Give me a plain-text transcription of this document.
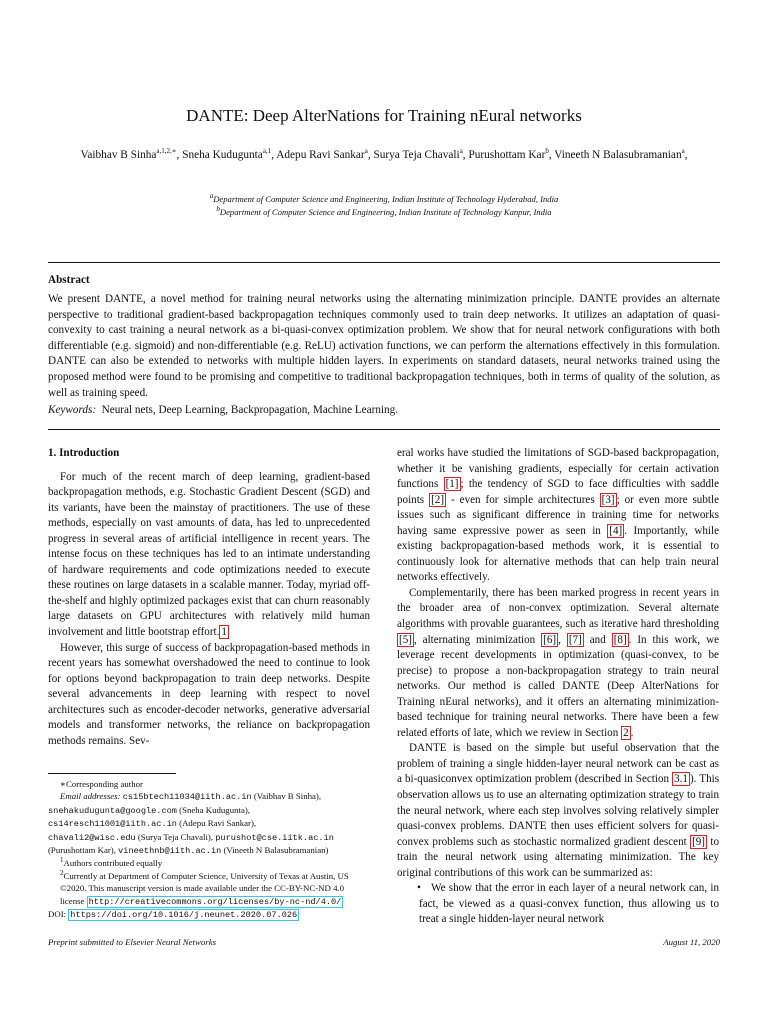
DANTE: Deep AlterNations for Training nEural networks
Vaibhav B Sinha$^{a,1,2,∗}$, Sneha Kudugunta$^{a,1}$, Adepu Ravi Sankar$^a$, Surya Teja Chavali$^a$, Purushottam Kar$^b$, Vineeth N Balasubramanian$^a$,
$^a$Department of Computer Science and Engineering, Indian Institute of Technology Hyderabad, India
$^b$Department of Computer Science and Engineering, Indian Institute of Technology Kanpur, India
Abstract

We present DANTE, a novel method for training neural networks using the alternating minimization principle. DANTE provides an alternate perspective to traditional gradient-based backpropagation techniques commonly used to train deep networks. It utilizes an adaptation of quasi-convexity to cast training a neural network as a bi-quasi-convex optimization problem. We show that for neural network configurations with both differentiable (e.g. sigmoid) and non-differentiable (e.g. ReLU) activation functions, we can perform the alternations effectively in this formulation. DANTE can also be extended to networks with multiple hidden layers. In experiments on standard datasets, neural networks trained using the proposed method were found to be promising and competitive to traditional backpropagation techniques, both in terms of quality of the solution, as well as training speed.

Keywords: Neural nets, Deep Learning, Backpropagation, Machine Learning.
1. Introduction

For much of the recent march of deep learning, gradient-based backpropagation methods, e.g. Stochastic Gradient Descent (SGD) and its variants, have been the mainstay of practitioners. The use of these methods, especially on vast amounts of data, has led to unprecedented progress in several areas of artificial intelligence in recent years. The intense focus on these techniques has led to an intimate understanding of hardware requirements and code optimizations needed to execute these routines on large datasets in a scalable manner. Today, myriad off-the-shelf and highly optimized packages exist that can churn reasonably large datasets on GPU architectures with relatively mild human involvement and little bootstrap effort. 1

However, this surge of success of backpropagation-based methods in recent years has somewhat overshadowed the need to continue to look for options beyond backpropagation to train deep networks. Despite several advancements in deep learning with respect to novel architectures such as encoder-decoder networks, generative adversarial models and transformer networks, the reliance on backpropagation methods remains. Sev-

∗Corresponding author
Email addresses: cs15btech11034@iith.ac.in (Vaibhav B Sinha),
snehakudugunta@google.com (Sneha Kudugunta),
cs14resch11001@iith.ac.in (Adepu Ravi Sankar),
chavali2@wisc.edu (Surya Teja Chavali), purushot@cse.iitk.ac.in
(Purushottam Kar), vineethnb@iith.ac.in (Vineeth N Balasubramanian)
$^1$Authors contributed equally
$^2$Currently at Department of Computer Science, University of Texas at Austin, US
©2020. This manuscript version is made available under the CC-BY-NC-ND 4.0 license http://creativecommons.org/licenses/by-nc-nd/4.0/
DOI: https://doi.org/10.1016/j.neunet.2020.07.026

eral works have studied the limitations of SGD-based backpropagation, whether it be vanishing gradients, especially for certain activation functions [1] ; the tendency of SGD to face difficulties with saddle points [2] - even for simple architectures [3] ; or even more subtle issues such as significant difference in training time for networks having same expressive power as seen in [4] . Importantly, while existing backpropagation-based methods work, it is essential to continuously look for alternative methods that can help train neural networks effectively.

Complementarily, there has been marked progress in recent years in the broader area of non-convex optimization. Several alternate algorithms with provable guarantees, such as iterative hard thresholding [5] , alternating minimization [6] , [7] and [8] . In this work, we leverage recent developments in optimization (quasi-convex, to be precise) to propose a non-backpropagation strategy to train neural networks. Our method is called DANTE (Deep AlterNations for Training nEural networks), and it offers an alternating minimization-based technique for training neural networks. There have been a few related efforts of late, which we review in Section 2 .

DANTE is based on the simple but useful observation that the problem of training a single hidden-layer neural network can be cast as a bi-quasiconvex optimization problem (described in Section 3.1 ). This observation allows us to use an alternating optimization strategy to train the neural network, where each step involves solving relatively simpler quasi-convex problems. DANTE then uses efficient solvers for quasi-convex problems such as stochastic normalized gradient descent [9] to train the neural network using alternating minimization. The key original contributions of this work can be summarized as:

• We show that the error in each layer of a neural network can, in fact, be viewed as a quasi-convex function, thus allowing us to treat a single hidden-layer neural network

Preprint submitted to Elsevier Neural Networks	August 11, 2020
